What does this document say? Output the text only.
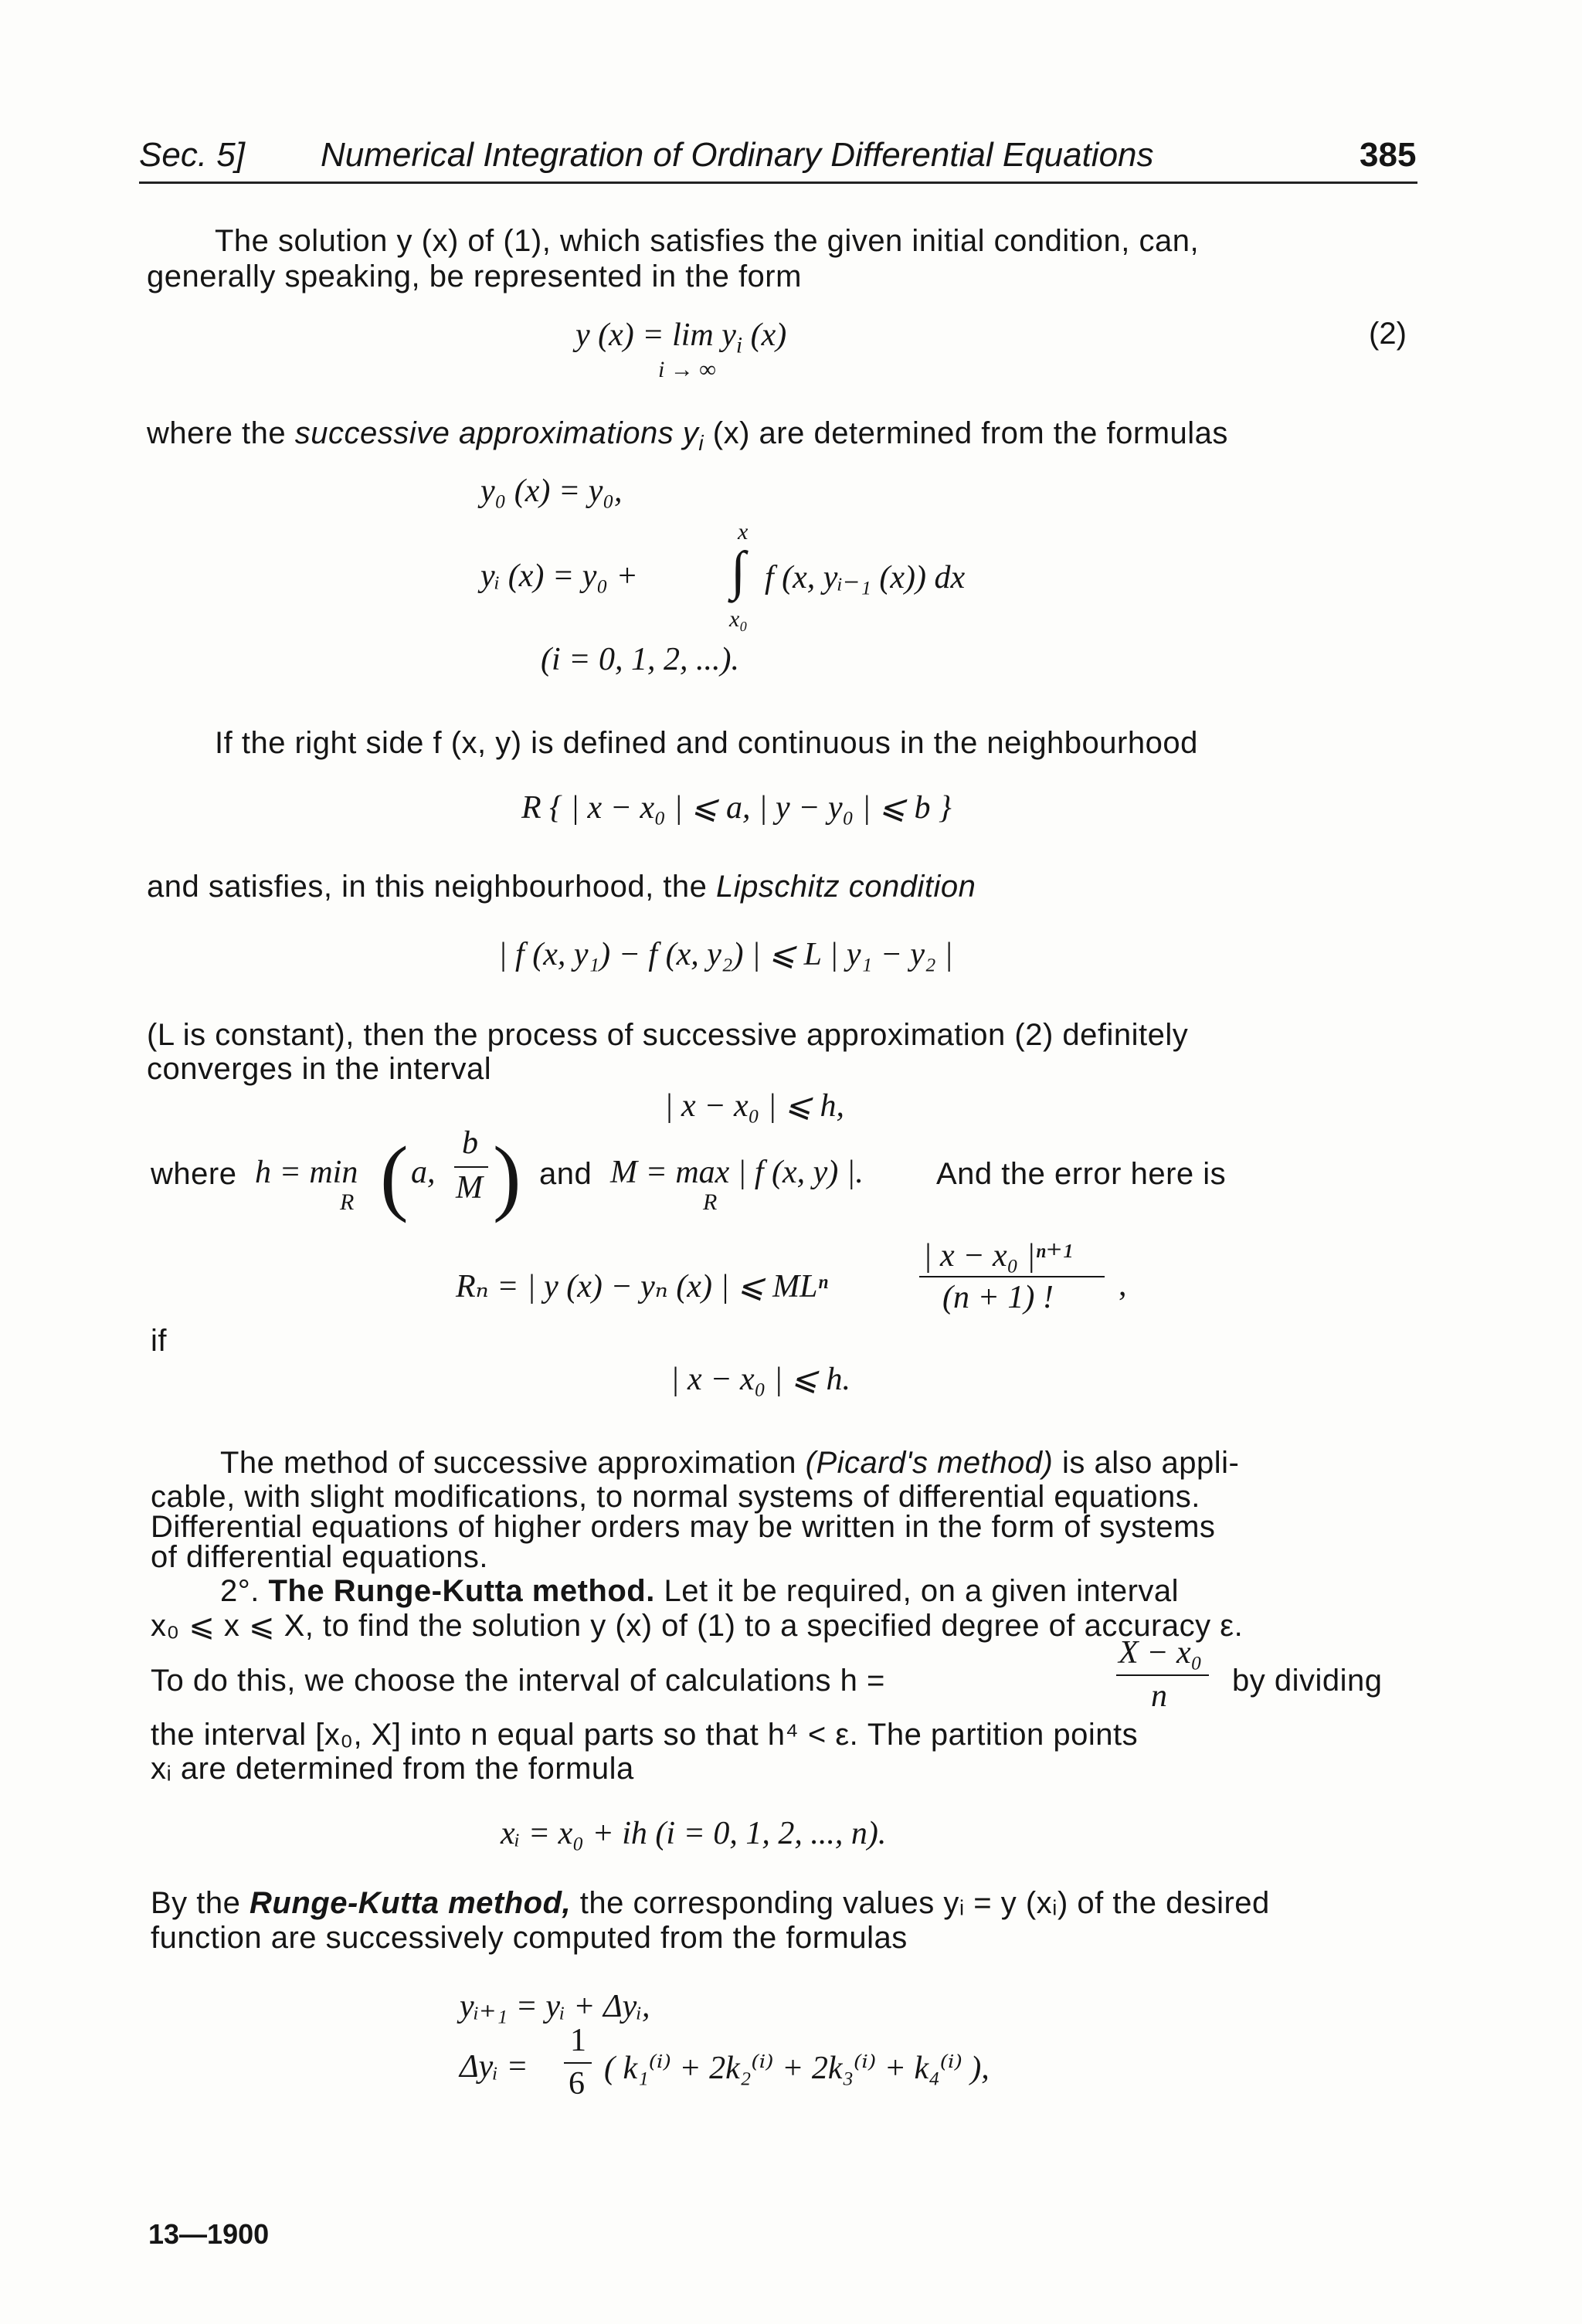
Sec. 5] Numerical Integration of Ordinary Differential Equations	385
The solution y (x) of (1), which satisfies the given initial condition, can,
generally speaking, be represented in the form
y $(x) = \lim y_i$ (x)
i → ∞
(2)
where the successive approximations $y_i$ (x) are determined from the formulas
y₀ (x) = y₀,
x
yᵢ (x) = y₀ + ∫ f (x, yᵢ₋₁ (x)) dx
x₀
(i = 0, 1, 2, ...).
If the right side f (x, y) is defined and continuous in the neighbourhood
R { | x − x₀ | ⩽ a, | y − y₀ | ⩽ b }
and satisfies, in this neighbourhood, the Lipschitz condition
| f (x, y₁) − f (x, y₂) | ⩽ L | y₁ − y₂ |
(L is constant), then the process of successive approximation (2) definitely
converges in the interval
| x − x₀ | ⩽ h,
where h = min
R ( a,
b
M ) and M = max | f (x, y) |.
R
And the error here is
Rₙ = | y (x) − yₙ (x) | ⩽ MLⁿ
| x − x₀ |ⁿ⁺¹
(n + 1) ! ,
if
| x − x₀ | ⩽ h.
The method of successive approximation (Picard's method) is also appli-
cable, with slight modifications, to normal systems of differential equations.
Differential equations of higher orders may be written in the form of systems
of differential equations.
2°. The Runge-Kutta method. Let it be required, on a given interval
x₀ ⩽ x ⩽ X, to find the solution y (x) of (1) to a specified degree of accuracy ε.
To do this, we choose the interval of calculations h =
X − x₀
n by dividing
the interval [x₀, X] into n equal parts so that h⁴ < ε. The partition points
xᵢ are determined from the formula
xᵢ = x₀ + ih (i = 0, 1, 2, ..., n).
By the Runge-Kutta method, the corresponding values yᵢ = y (xᵢ) of the desired
function are successively computed from the formulas
yᵢ₊₁ = yᵢ + Δyᵢ,
Δyᵢ =
1
6 ( k₁⁽ⁱ⁾ + 2k₂⁽ⁱ⁾ + 2k₃⁽ⁱ⁾ + k₄⁽ⁱ⁾ ),
13—1900
